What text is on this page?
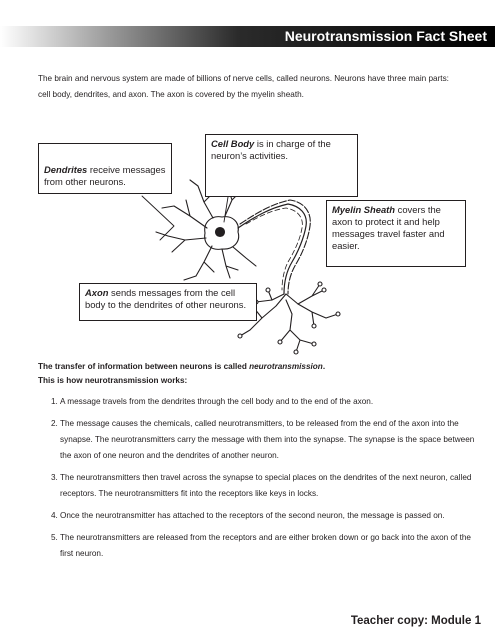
Neurotransmission Fact Sheet

The brain and nervous system are made of billions of nerve cells, called neurons. Neurons have three main parts:

cell body, dendrites, and axon. The axon is covered by the myelin sheath.

Dendrites receive messages from other neurons.
Cell Body is in charge of the neuron’s activities.
Myelin Sheath covers the axon to protect it and help messages travel faster and easier.
Axon sends messages from the cell body to the dendrites of other neurons.

The transfer of information between neurons is called neurotransmission.

This is how neurotransmission works:

1. A message travels from the dendrites through the cell body and to the end of the axon.
2. The message causes the chemicals, called neurotransmitters, to be released from the end of the axon into the synapse. The neurotransmitters carry the message with them into the synapse. The synapse is the space between the axon of one neuron and the dendrites of another neuron.
3. The neurotransmitters then travel across the synapse to special places on the dendrites of the next neuron, called receptors. The neurotransmitters fit into the receptors like keys in locks.
4. Once the neurotransmitter has attached to the receptors of the second neuron, the message is passed on.
5. The neurotransmitters are released from the receptors and are either broken down or go back into the axon of the first neuron.
Teacher copy: Module 1
